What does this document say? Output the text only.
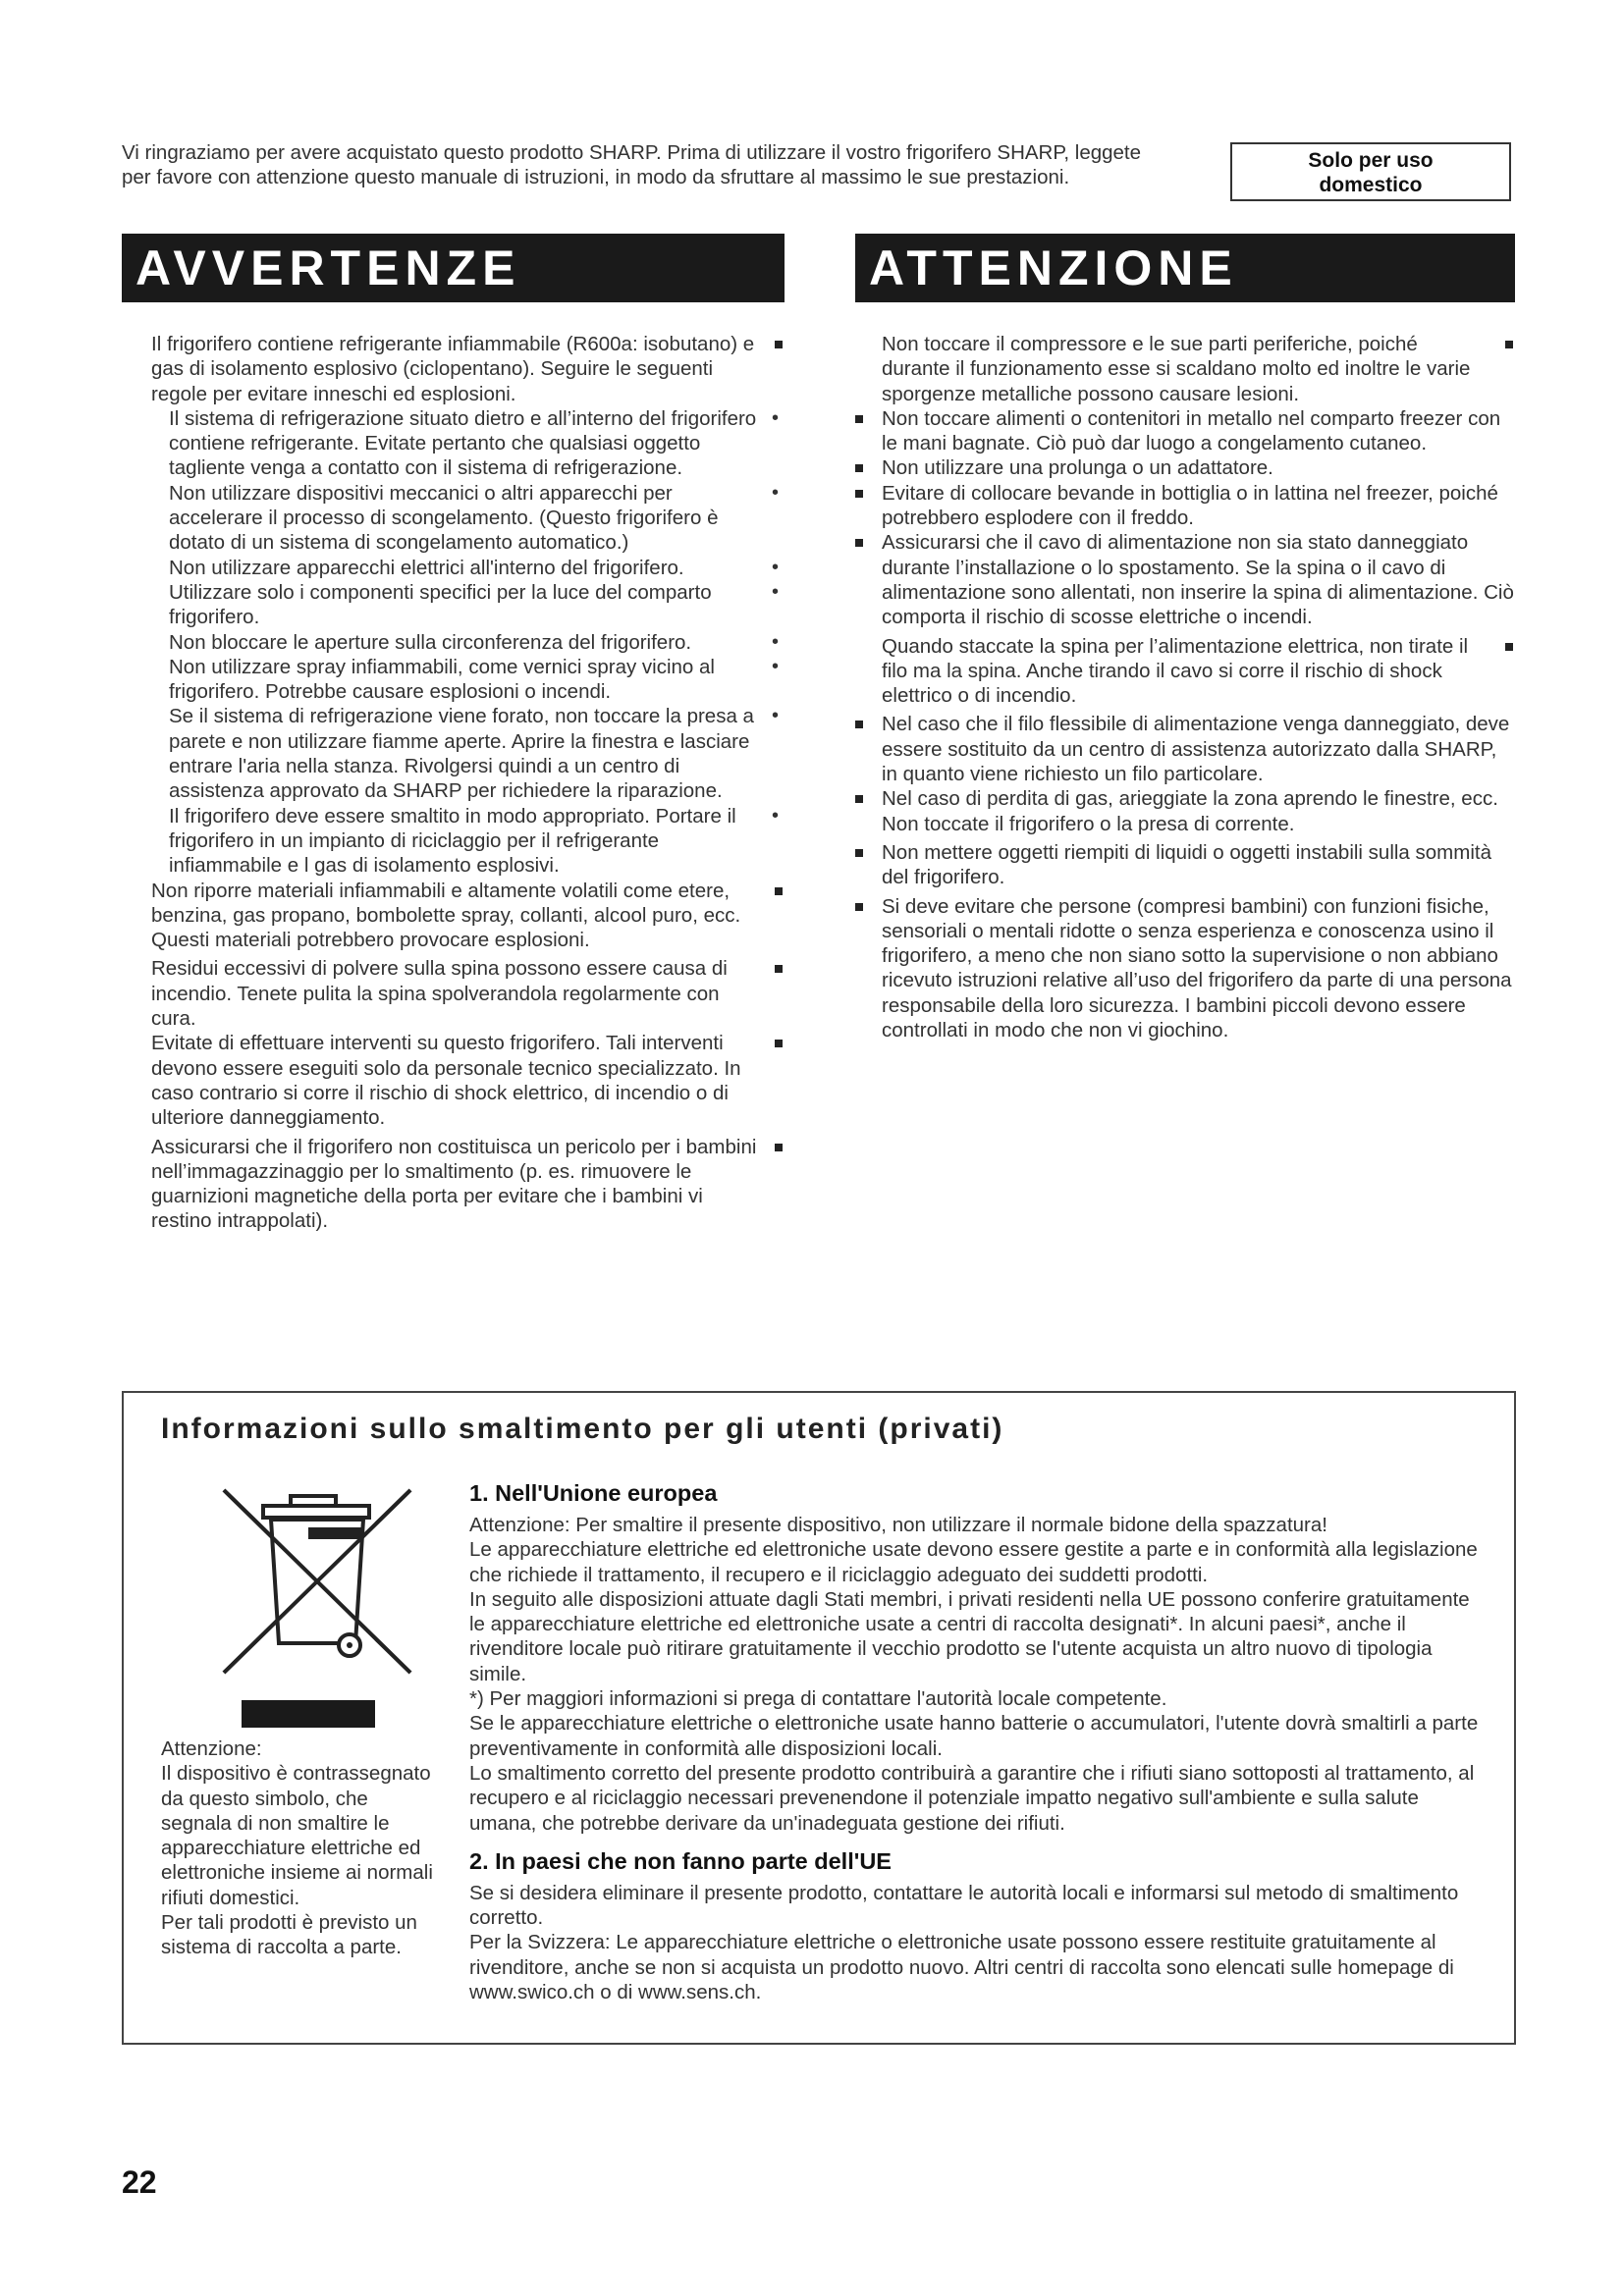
Vi ringraziamo per avere acquistato questo prodotto SHARP. Prima di utilizzare il vostro frigorifero SHARP, leggete per favore con attenzione questo manuale di istruzioni, in modo da sfruttare al massimo le sue prestazioni.
Solo per uso
domestico
AVVERTENZE	ATTENZIONE
Il frigorifero contiene refrigerante infiammabile (R600a: isobutano) e gas di isolamento esplosivo (ciclopentano). Seguire le seguenti regole per evitare inneschi ed esplosioni.
Il sistema di refrigerazione situato dietro e all’interno del frigorifero contiene refrigerante. Evitate pertanto che qualsiasi oggetto tagliente venga a contatto con il sistema di refrigerazione.
•
Non utilizzare dispositivi meccanici o altri apparecchi per accelerare il processo di scongelamento. (Questo frigorifero è dotato di un sistema di scongelamento automatico.)
•
Non utilizzare apparecchi elettrici all'interno del frigorifero.	•
Utilizzare solo i componenti specifici per la luce del comparto frigorifero.
•
Non bloccare le aperture sulla circonferenza del frigorifero.	•
Non utilizzare spray infiammabili, come vernici spray vicino al frigorifero. Potrebbe causare esplosioni o incendi.
•
Se il sistema di refrigerazione viene forato, non toccare la presa a parete e non utilizzare fiamme aperte. Aprire la finestra e lasciare entrare l'aria nella stanza. Rivolgersi quindi a un centro di assistenza approvato da SHARP per richiedere la riparazione.
•
Il frigorifero deve essere smaltito in modo appropriato. Portare il frigorifero in un impianto di riciclaggio per il refrigerante infiammabile e l gas di isolamento esplosivi.
•
Non riporre materiali infiammabili e altamente volatili come etere, benzina, gas propano, bombolette spray, collanti, alcool puro, ecc. Questi materiali potrebbero provocare esplosioni.
Residui eccessivi di polvere sulla spina possono essere causa di incendio. Tenete pulita la spina spolverandola regolarmente con cura.
Evitate di effettuare interventi su questo frigorifero. Tali interventi devono essere eseguiti solo da personale tecnico specializzato. In caso contrario si corre il rischio di shock elettrico, di incendio o di ulteriore danneggiamento.
Assicurarsi che il frigorifero non costituisca un pericolo per i bambini nell’immagazzinaggio per lo smaltimento (p. es. rimuovere le guarnizioni magnetiche della porta per evitare che i bambini vi restino intrappolati).
Non toccare il compressore e le sue parti periferiche, poiché durante il funzionamento esse si scaldano molto ed inoltre le varie sporgenze metalliche possono causare lesioni.
Non toccare alimenti o contenitori in metallo nel comparto freezer con le mani bagnate. Ciò può dar luogo a congelamento cutaneo.
Non utilizzare una prolunga o un adattatore.
Evitare di collocare bevande in bottiglia o in lattina nel freezer, poiché potrebbero esplodere con il freddo.
Assicurarsi che il cavo di alimentazione non sia stato danneggiato durante l’installazione o lo spostamento. Se la spina o il cavo di alimentazione sono allentati, non inserire la spina di alimentazione. Ciò comporta il rischio di scosse elettriche o incendi.
Quando staccate la spina per l’alimentazione elettrica, non tirate il filo ma la spina. Anche tirando il cavo si corre il rischio di shock elettrico o di incendio.
Nel caso che il filo flessibile di alimentazione venga danneggiato, deve essere sostituito da un centro di assistenza autorizzato dalla SHARP, in quanto viene richiesto un filo particolare.
Nel caso di perdita di gas, arieggiate la zona aprendo le finestre, ecc. Non toccate il frigorifero o la presa di corrente.
Non mettere oggetti riempiti di liquidi o oggetti instabili sulla sommità del frigorifero.
Si deve evitare che persone (compresi bambini) con funzioni fisiche, sensoriali o mentali ridotte o senza esperienza e conoscenza usino il frigorifero, a meno che non siano sotto la supervisione o non abbiano ricevuto istruzioni relative all’uso del frigorifero da parte di una persona responsabile della loro sicurezza. I bambini piccoli devono essere controllati in modo che non vi giochino.
Informazioni sullo smaltimento per gli utenti (privati)
Attenzione:
Il dispositivo è contrassegnato da questo simbolo, che segnala di non smaltire le apparecchiature elettriche ed elettroniche insieme ai normali rifiuti domestici.
Per tali prodotti è previsto un sistema di raccolta a parte.
1. Nell'Unione europea

Attenzione: Per smaltire il presente dispositivo, non utilizzare il normale bidone della spazzatura!

Le apparecchiature elettriche ed elettroniche usate devono essere gestite a parte e in conformità alla legislazione che richiede il trattamento, il recupero e il riciclaggio adeguato dei suddetti prodotti.

In seguito alle disposizioni attuate dagli Stati membri, i privati residenti nella UE possono conferire gratuitamente le apparecchiature elettriche ed elettroniche usate a centri di raccolta designati*. In alcuni paesi*, anche il rivenditore locale può ritirare gratuitamente il vecchio prodotto se l'utente acquista un altro nuovo di tipologia simile.

*) Per maggiori informazioni si prega di contattare l'autorità locale competente.

Se le apparecchiature elettriche o elettroniche usate hanno batterie o accumulatori, l'utente dovrà smaltirli a parte preventivamente in conformità alle disposizioni locali.

Lo smaltimento corretto del presente prodotto contribuirà a garantire che i rifiuti siano sottoposti al trattamento, al recupero e al riciclaggio necessari prevenendone il potenziale impatto negativo sull'ambiente e sulla salute umana, che potrebbe derivare da un'inadeguata gestione dei rifiuti.

2. In paesi che non fanno parte dell'UE

Se si desidera eliminare il presente prodotto, contattare le autorità locali e informarsi sul metodo di smaltimento corretto.

Per la Svizzera: Le apparecchiature elettriche o elettroniche usate possono essere restituite gratuitamente al rivenditore, anche se non si acquista un prodotto nuovo. Altri centri di raccolta sono elencati sulle homepage di www.swico.ch o di www.sens.ch.

22
